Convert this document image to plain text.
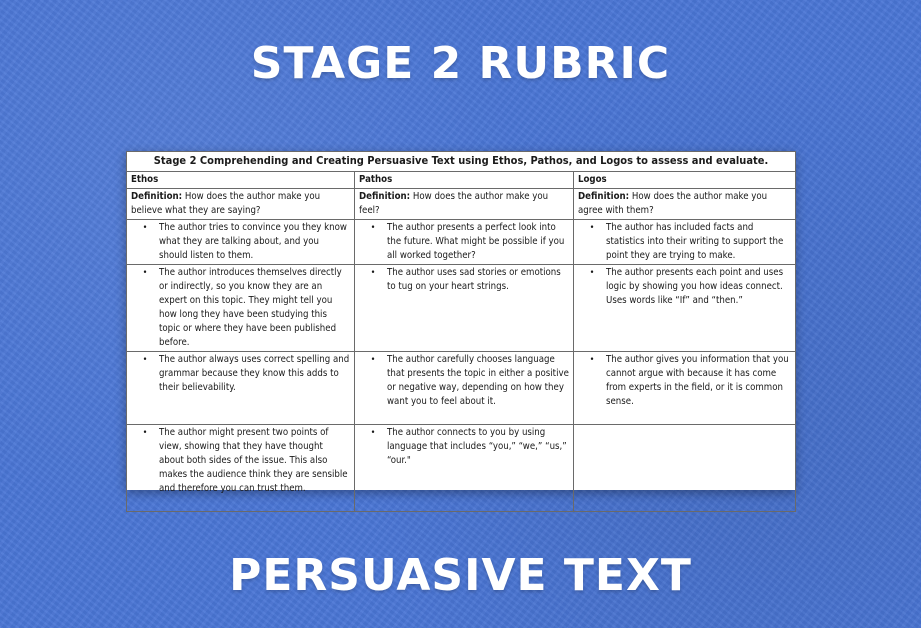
STAGE 2 RUBRIC
Stage 2 Comprehending and Creating Persuasive Text using Ethos, Pathos, and Logos to assess and evaluate.		
Ethos	Pathos	Logos
Definition: How does the author make you believe what they are saying?	Definition: How does the author make you feel?	Definition: How does the author make you agree with them?

• The author tries to convince you they know what they are talking about, and you should listen to them.	• The author presents a perfect look into the future. What might be possible if you all worked together?	• The author has included facts and statistics into their writing to support the point they are trying to make.

• The author introduces themselves directly or indirectly, so you know they are an expert on this topic. They might tell you how long they have been studying this topic or where they have been published before.	• The author uses sad stories or emotions to tug on your heart strings.	• The author presents each point and uses logic by showing you how ideas connect. Uses words like “If” and “then.”

• The author always uses correct spelling and grammar because they know this adds to their believability.	• The author carefully chooses language that presents the topic in either a positive or negative way, depending on how they want you to feel about it.	• The author gives you information that you cannot argue with because it has come from experts in the field, or it is common sense.

• The author might present two points of view, showing that they have thought about both sides of the issue. This also makes the audience think they are sensible and therefore you can trust them.	• The author connects to you by using language that includes “you,” “we,” “us,” “our."	

PERSUASIVE TEXT
